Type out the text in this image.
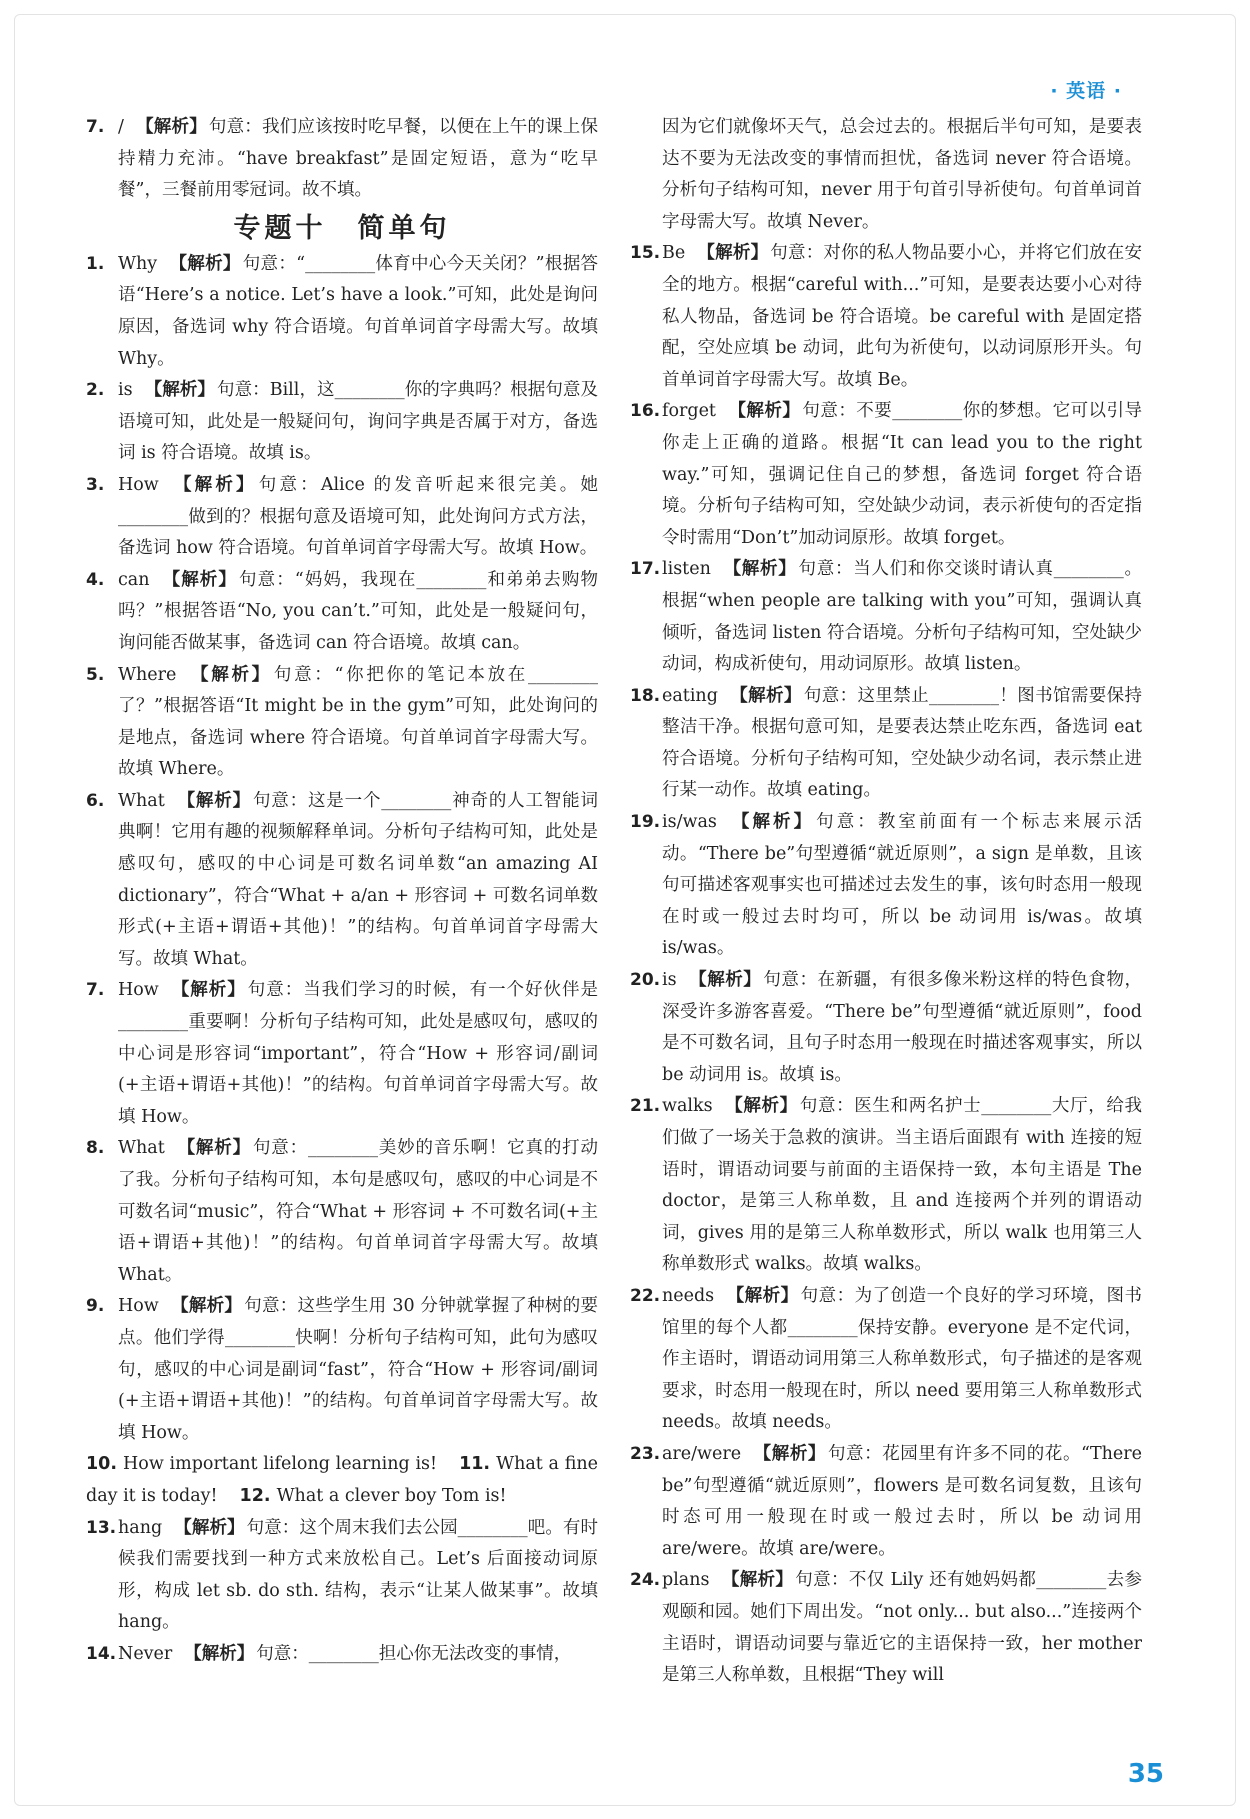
· 英语 ·
7. / 【解析】 句意：我们应该按时吃早餐，以便在上午的课上保持精力充沛。“have breakfast”是固定短语，意为“吃早餐”，三餐前用零冠词。故不填。
专题十　简单句
1. Why 【解析】 句意：“________体育中心今天关闭？”根据答语“Here’s a notice. Let’s have a look.”可知，此处是询问原因，备选词 why 符合语境。句首单词首字母需大写。故填 Why。
2. is 【解析】 句意：Bill，这________你的字典吗？根据句意及语境可知，此处是一般疑问句，询问字典是否属于对方，备选词 is 符合语境。故填 is。
3. How 【解析】 句意：Alice 的发音听起来很完美。她________做到的？根据句意及语境可知，此处询问方式方法，备选词 how 符合语境。句首单词首字母需大写。故填 How。
4. can 【解析】 句意：“妈妈，我现在________和弟弟去购物吗？”根据答语“No, you can’t.”可知，此处是一般疑问句，询问能否做某事，备选词 can 符合语境。故填 can。
5. Where 【解析】 句意：“你把你的笔记本放在________了？”根据答语“It might be in the gym”可知，此处询问的是地点，备选词 where 符合语境。句首单词首字母需大写。故填 Where。
6. What 【解析】 句意：这是一个________神奇的人工智能词典啊！它用有趣的视频解释单词。分析句子结构可知，此处是感叹句，感叹的中心词是可数名词单数“an amazing AI dictionary”，符合“What + a/an + 形容词 + 可数名词单数形式(+主语+谓语+其他)！”的结构。句首单词首字母需大写。故填 What。
7. How 【解析】 句意：当我们学习的时候，有一个好伙伴是________重要啊！分析句子结构可知，此处是感叹句，感叹的中心词是形容词“important”，符合“How + 形容词/副词(+主语+谓语+其他)！”的结构。句首单词首字母需大写。故填 How。
8. What 【解析】 句意：________美妙的音乐啊！它真的打动了我。分析句子结构可知，本句是感叹句，感叹的中心词是不可数名词“music”，符合“What + 形容词 + 不可数名词(+主语+谓语+其他)！”的结构。句首单词首字母需大写。故填 What。
9. How 【解析】 句意：这些学生用 30 分钟就掌握了种树的要点。他们学得________快啊！分析句子结构可知，此句为感叹句，感叹的中心词是副词“fast”，符合“How + 形容词/副词(+主语+谓语+其他)！”的结构。句首单词首字母需大写。故填 How。

10. How important lifelong learning is! 11. What a fine day it is today! 12. What a clever boy Tom is!

13. hang 【解析】 句意：这个周末我们去公园________吧。有时候我们需要找到一种方式来放松自己。Let’s 后面接动词原形，构成 let sb. do sth. 结构，表示“让某人做某事”。故填 hang。
14. Never 【解析】 句意：________担心你无法改变的事情，
因为它们就像坏天气，总会过去的。根据后半句可知，是要表达不要为无法改变的事情而担忧，备选词 never 符合语境。分析句子结构可知，never 用于句首引导祈使句。句首单词首字母需大写。故填 Never。
15. Be 【解析】 句意：对你的私人物品要小心，并将它们放在安全的地方。根据“careful with...”可知，是要表达要小心对待私人物品，备选词 be 符合语境。be careful with 是固定搭配，空处应填 be 动词，此句为祈使句，以动词原形开头。句首单词首字母需大写。故填 Be。
16. forget 【解析】 句意：不要________你的梦想。它可以引导你走上正确的道路。根据“It can lead you to the right way.”可知，强调记住自己的梦想，备选词 forget 符合语境。分析句子结构可知，空处缺少动词，表示祈使句的否定指令时需用“Don’t”加动词原形。故填 forget。
17. listen 【解析】 句意：当人们和你交谈时请认真________。根据“when people are talking with you”可知，强调认真倾听，备选词 listen 符合语境。分析句子结构可知，空处缺少动词，构成祈使句，用动词原形。故填 listen。
18. eating 【解析】 句意：这里禁止________！图书馆需要保持整洁干净。根据句意可知，是要表达禁止吃东西，备选词 eat 符合语境。分析句子结构可知，空处缺少动名词，表示禁止进行某一动作。故填 eating。
19. is/was 【解析】 句意：教室前面有一个标志来展示活动。“There be”句型遵循“就近原则”，a sign 是单数，且该句可描述客观事实也可描述过去发生的事，该句时态用一般现在时或一般过去时均可，所以 be 动词用 is/was。故填 is/was。
20. is 【解析】 句意：在新疆，有很多像米粉这样的特色食物，深受许多游客喜爱。“There be”句型遵循“就近原则”，food 是不可数名词，且句子时态用一般现在时描述客观事实，所以 be 动词用 is。故填 is。
21. walks 【解析】 句意：医生和两名护士________大厅，给我们做了一场关于急救的演讲。当主语后面跟有 with 连接的短语时，谓语动词要与前面的主语保持一致，本句主语是 The doctor，是第三人称单数，且 and 连接两个并列的谓语动词，gives 用的是第三人称单数形式，所以 walk 也用第三人称单数形式 walks。故填 walks。
22. needs 【解析】 句意：为了创造一个良好的学习环境，图书馆里的每个人都________保持安静。everyone 是不定代词，作主语时，谓语动词用第三人称单数形式，句子描述的是客观要求，时态用一般现在时，所以 need 要用第三人称单数形式 needs。故填 needs。
23. are/were 【解析】 句意：花园里有许多不同的花。“There be”句型遵循“就近原则”，flowers 是可数名词复数，且该句时态可用一般现在时或一般过去时，所以 be 动词用 are/were。故填 are/were。
24. plans 【解析】 句意：不仅 Lily 还有她妈妈都________去参观颐和园。她们下周出发。“not only... but also...”连接两个主语时，谓语动词要与靠近它的主语保持一致，her mother 是第三人称单数，且根据“They will
35
